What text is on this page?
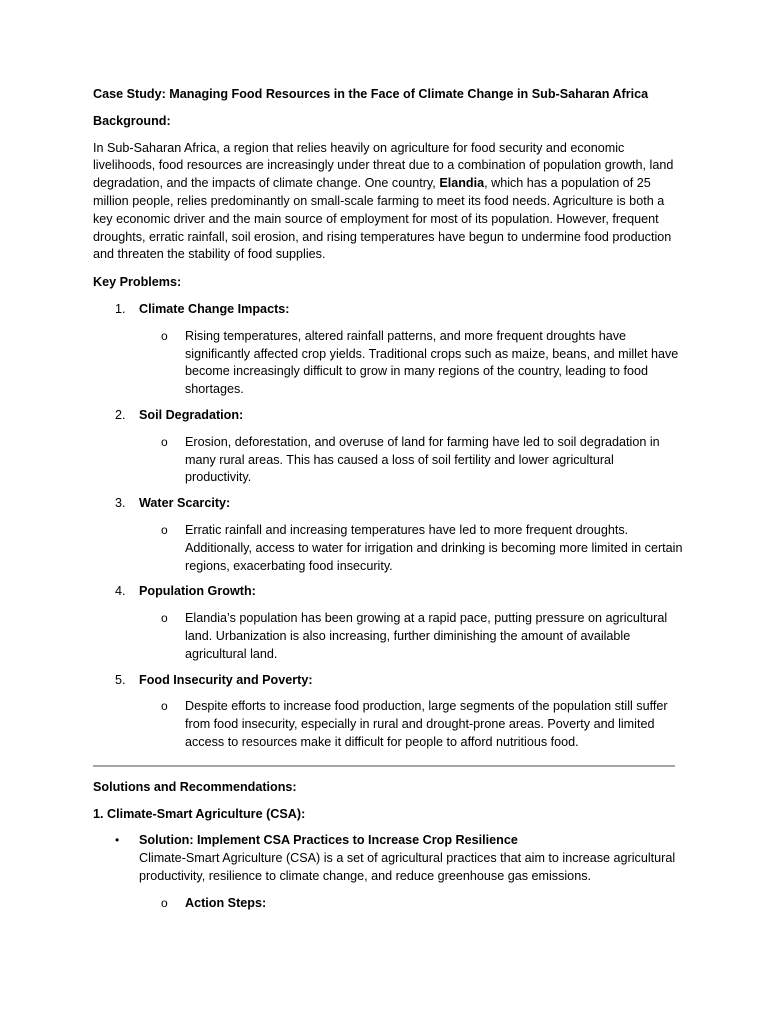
Case Study: Managing Food Resources in the Face of Climate Change in Sub-Saharan Africa

Background:

In Sub-Saharan Africa, a region that relies heavily on agriculture for food security and economic livelihoods, food resources are increasingly under threat due to a combination of population growth, land degradation, and the impacts of climate change. One country, Elandia, which has a population of 25 million people, relies predominantly on small-scale farming to meet its food needs. Agriculture is both a key economic driver and the main source of employment for most of its population. However, frequent droughts, erratic rainfall, soil erosion, and rising temperatures have begun to undermine food production and threaten the stability of food supplies.

Key Problems:

1. Climate Change Impacts:

o Rising temperatures, altered rainfall patterns, and more frequent droughts have significantly affected crop yields. Traditional crops such as maize, beans, and millet have become increasingly difficult to grow in many regions of the country, leading to food shortages.

2. Soil Degradation:

o Erosion, deforestation, and overuse of land for farming have led to soil degradation in many rural areas. This has caused a loss of soil fertility and lower agricultural productivity.

3. Water Scarcity:

o Erratic rainfall and increasing temperatures have led to more frequent droughts. Additionally, access to water for irrigation and drinking is becoming more limited in certain regions, exacerbating food insecurity.

4. Population Growth:

o Elandia’s population has been growing at a rapid pace, putting pressure on agricultural land. Urbanization is also increasing, further diminishing the amount of available agricultural land.

5. Food Insecurity and Poverty:

o Despite efforts to increase food production, large segments of the population still suffer from food insecurity, especially in rural and drought-prone areas. Poverty and limited access to resources make it difficult for people to afford nutritious food.

Solutions and Recommendations:

1. Climate-Smart Agriculture (CSA):

• Solution: Implement CSA Practices to Increase Crop Resilience

Climate-Smart Agriculture (CSA) is a set of agricultural practices that aim to increase agricultural productivity, resilience to climate change, and reduce greenhouse gas emissions.

o Action Steps:
